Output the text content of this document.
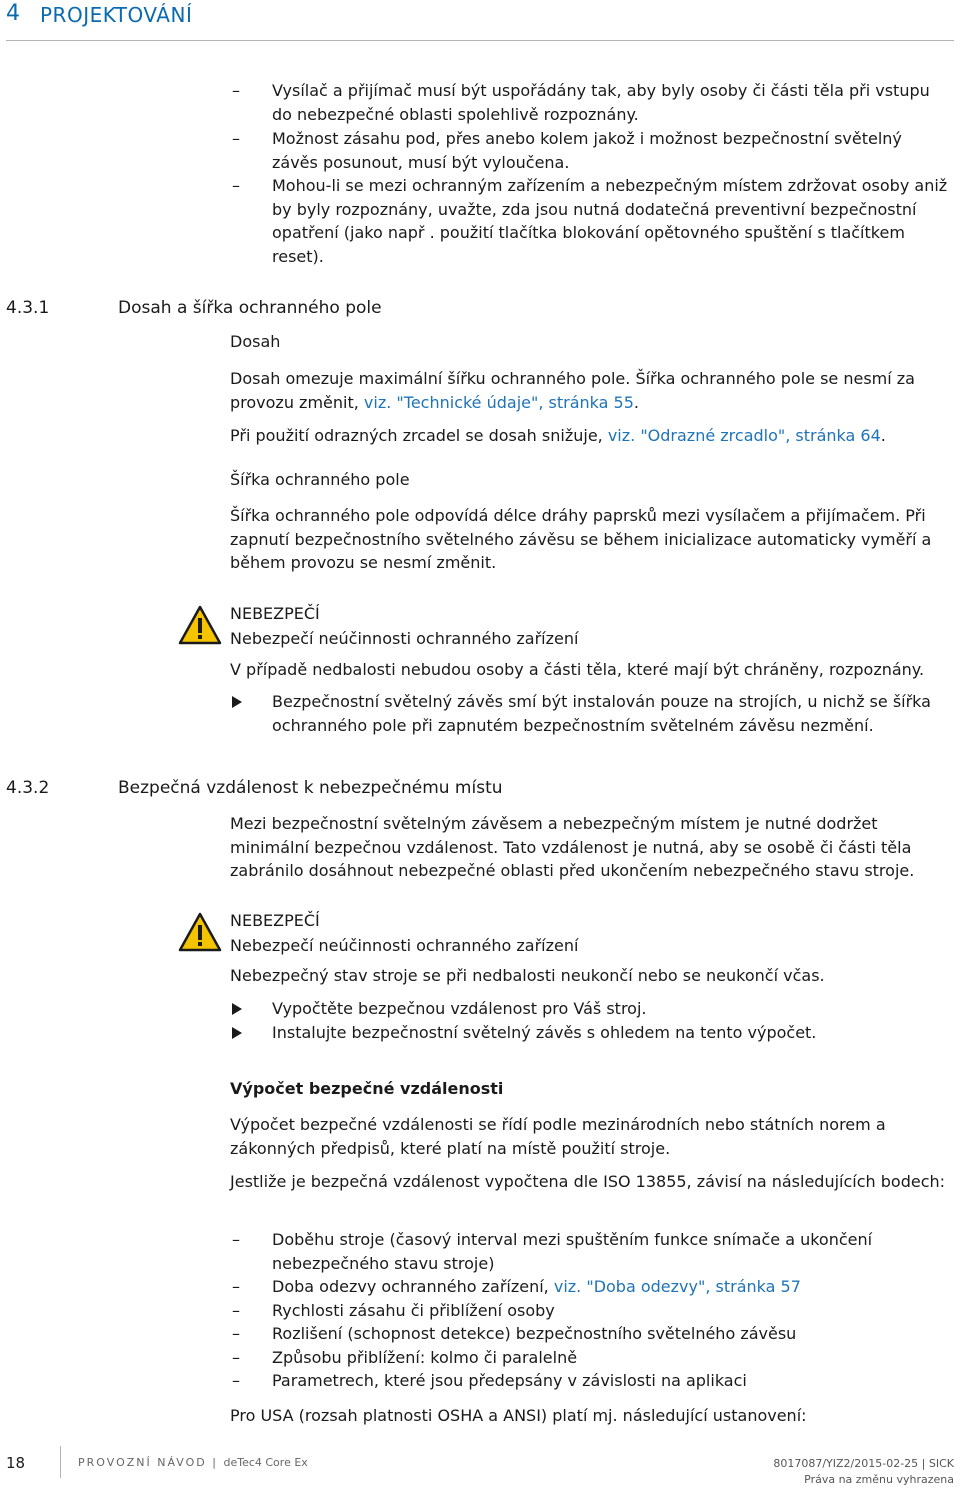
4 PROJEKTOVÁNÍ
–	Vysílač a přijímač musí být uspořádány tak, aby byly osoby či části těla při vstupu do nebezpečné oblasti spolehlivě rozpoznány.
–	Možnost zásahu pod, přes anebo kolem jakož i možnost bezpečnostní světelný závěs posunout, musí být vyloučena.
–	Mohou-li se mezi ochranným zařízením a nebezpečným místem zdržovat osoby aniž by byly rozpoznány, uvažte, zda jsou nutná dodatečná preventivní bezpečnostní opatření (jako např . použití tlačítka blokování opětovného spuštění s tlačítkem reset).
4.3.1	Dosah a šířka ochranného pole
Dosah
Dosah omezuje maximální šířku ochranného pole. Šířka ochranného pole se nesmí za provozu změnit, viz. "Technické údaje", stránka 55.
Při použití odrazných zrcadel se dosah snižuje, viz. "Odrazné zrcadlo", stránka 64.
Šířka ochranného pole
Šířka ochranného pole odpovídá délce dráhy paprsků mezi vysílačem a přijímačem. Při zapnutí bezpečnostního světelného závěsu se během inicializace automaticky vyměří a během provozu se nesmí změnit.
NEBEZPEČÍ
Nebezpečí neúčinnosti ochranného zařízení
V případě nedbalosti nebudou osoby a části těla, které mají být chráněny, rozpoznány.
Bezpečnostní světelný závěs smí být instalován pouze na strojích, u nichž se šířka ochranného pole při zapnutém bezpečnostním světelném závěsu nezmění.
4.3.2	Bezpečná vzdálenost k nebezpečnému místu
Mezi bezpečnostní světelným závěsem a nebezpečným místem je nutné dodržet minimální bezpečnou vzdálenost. Tato vzdálenost je nutná, aby se osobě či části těla zabránilo dosáhnout nebezpečné oblasti před ukončením nebezpečného stavu stroje.
NEBEZPEČÍ
Nebezpečí neúčinnosti ochranného zařízení
Nebezpečný stav stroje se při nedbalosti neukončí nebo se neukončí včas.
Vypočtěte bezpečnou vzdálenost pro Váš stroj.
Instalujte bezpečnostní světelný závěs s ohledem na tento výpočet.
Výpočet bezpečné vzdálenosti
Výpočet bezpečné vzdálenosti se řídí podle mezinárodních nebo státních norem a zákonných předpisů, které platí na místě použití stroje.
Jestliže je bezpečná vzdálenost vypočtena dle ISO 13855, závisí na následujících bodech:
–	Doběhu stroje (časový interval mezi spuštěním funkce snímače a ukončení nebezpečného stavu stroje)
–	Doba odezvy ochranného zařízení, viz. "Doba odezvy", stránka 57
–	Rychlosti zásahu či přiblížení osoby
–	Rozlišení (schopnost detekce) bezpečnostního světelného závěsu
–	Způsobu přiblížení: kolmo či paralelně
–	Parametrech, které jsou předepsány v závislosti na aplikaci
Pro USA (rozsah platnosti OSHA a ANSI) platí mj. následující ustanovení:
18	PROVOZNÍ NÁVOD | deTec4 Core Ex	8017087/YIZ2/2015-02-25 | SICK
Práva na změnu vyhrazena
